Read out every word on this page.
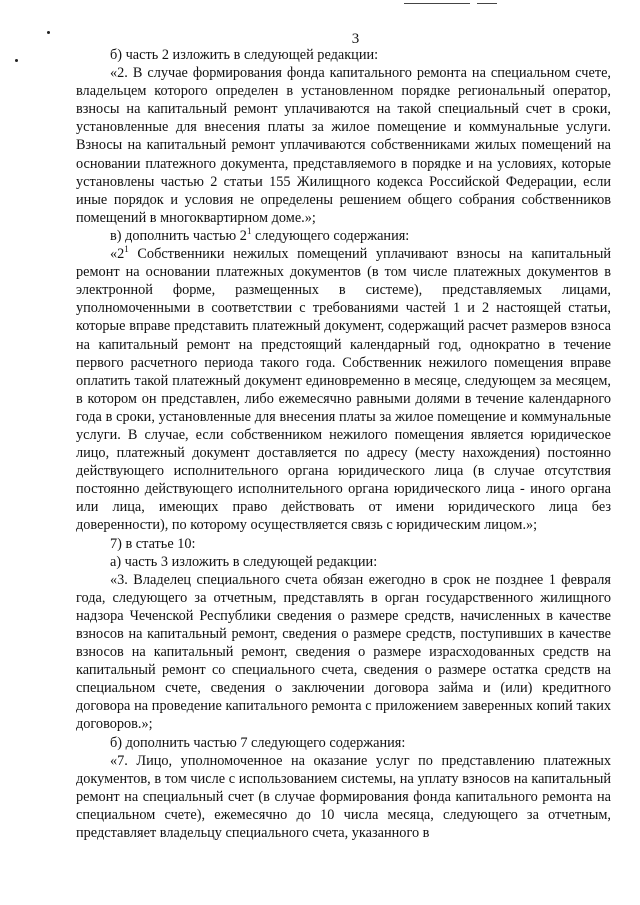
3

б) часть 2 изложить в следующей редакции:

«2. В случае формирования фонда капитального ремонта на специальном счете, владельцем которого определен в установленном порядке региональный оператор, взносы на капитальный ремонт уплачиваются на такой специальный счет в сроки, установленные для внесения платы за жилое помещение и коммунальные услуги. Взносы на капитальный ремонт уплачиваются собственниками жилых помещений на основании платежного документа, представляемого в порядке и на условиях, которые установлены частью 2 статьи 155 Жилищного кодекса Российской Федерации, если иные порядок и условия не определены решением общего собрания собственников помещений в многоквартирном доме.»;

в) дополнить частью $2^1$ следующего содержания:

«$2^1$ Собственники нежилых помещений уплачивают взносы на капитальный ремонт на основании платежных документов (в том числе платежных документов в электронной форме, размещенных в системе), представляемых лицами, уполномоченными в соответствии с требованиями частей 1 и 2 настоящей статьи, которые вправе представить платежный документ, содержащий расчет размеров взноса на капитальный ремонт на предстоящий календарный год, однократно в течение первого расчетного периода такого года. Собственник нежилого помещения вправе оплатить такой платежный документ единовременно в месяце, следующем за месяцем, в котором он представлен, либо ежемесячно равными долями в течение календарного года в сроки, установленные для внесения платы за жилое помещение и коммунальные услуги. В случае, если собственником нежилого помещения является юридическое лицо, платежный документ доставляется по адресу (месту нахождения) постоянно действующего исполнительного органа юридического лица (в случае отсутствия постоянно действующего исполнительного органа юридического лица - иного органа или лица, имеющих право действовать от имени юридического лица без доверенности), по которому осуществляется связь с юридическим лицом.»;

7) в статье 10:

а) часть 3 изложить в следующей редакции:

«3. Владелец специального счета обязан ежегодно в срок не позднее 1 февраля года, следующего за отчетным, представлять в орган государственного жилищного надзора Чеченской Республики сведения о размере средств, начисленных в качестве взносов на капитальный ремонт, сведения о размере средств, поступивших в качестве взносов на капитальный ремонт, сведения о размере израсходованных средств на капитальный ремонт со специального счета, сведения о размере остатка средств на специальном счете, сведения о заключении договора займа и (или) кредитного договора на проведение капитального ремонта с приложением заверенных копий таких договоров.»;

б) дополнить частью 7 следующего содержания:

«7. Лицо, уполномоченное на оказание услуг по представлению платежных документов, в том числе с использованием системы, на уплату взносов на капитальный ремонт на специальный счет (в случае формирования фонда капитального ремонта на специальном счете), ежемесячно до 10 числа месяца, следующего за отчетным, представляет владельцу специального счета, указанного в
